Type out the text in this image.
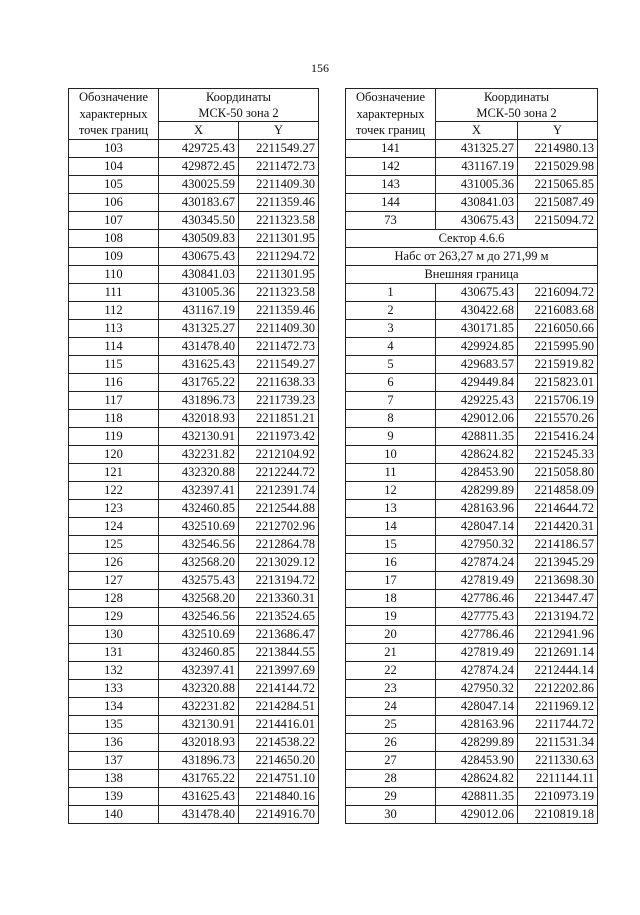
156
Обозначение
характерных
точек границ	Координаты	
	МСК-50 зона 2	
	X	Y
103	429725.43	2211549.27
104	429872.45	2211472.73
105	430025.59	2211409.30
106	430183.67	2211359.46
107	430345.50	2211323.58
108	430509.83	2211301.95
109	430675.43	2211294.72
110	430841.03	2211301.95
111	431005.36	2211323.58
112	431167.19	2211359.46
113	431325.27	2211409.30
114	431478.40	2211472.73
115	431625.43	2211549.27
116	431765.22	2211638.33
117	431896.73	2211739.23
118	432018.93	2211851.21
119	432130.91	2211973.42
120	432231.82	2212104.92
121	432320.88	2212244.72
122	432397.41	2212391.74
123	432460.85	2212544.88
124	432510.69	2212702.96
125	432546.56	2212864.78
126	432568.20	2213029.12
127	432575.43	2213194.72
128	432568.20	2213360.31
129	432546.56	2213524.65
130	432510.69	2213686.47
131	432460.85	2213844.55
132	432397.41	2213997.69
133	432320.88	2214144.72
134	432231.82	2214284.51
135	432130.91	2214416.01
136	432018.93	2214538.22
137	431896.73	2214650.20
138	431765.22	2214751.10
139	431625.43	2214840.16
140	431478.40	2214916.70
Обозначение
характерных
точек границ	Координаты	
	МСК-50 зона 2	
	X	Y
141	431325.27	2214980.13
142	431167.19	2215029.98
143	431005.36	2215065.85
144	430841.03	2215087.49
73	430675.43	2215094.72
Сектор 4.6.6		
Набс от 263,27 м до 271,99 м		
Внешняя граница		
1	430675.43	2216094.72
2	430422.68	2216083.68
3	430171.85	2216050.66
4	429924.85	2215995.90
5	429683.57	2215919.82
6	429449.84	2215823.01
7	429225.43	2215706.19
8	429012.06	2215570.26
9	428811.35	2215416.24
10	428624.82	2215245.33
11	428453.90	2215058.80
12	428299.89	2214858.09
13	428163.96	2214644.72
14	428047.14	2214420.31
15	427950.32	2214186.57
16	427874.24	2213945.29
17	427819.49	2213698.30
18	427786.46	2213447.47
19	427775.43	2213194.72
20	427786.46	2212941.96
21	427819.49	2212691.14
22	427874.24	2212444.14
23	427950.32	2212202.86
24	428047.14	2211969.12
25	428163.96	2211744.72
26	428299.89	2211531.34
27	428453.90	2211330.63
28	428624.82	2211144.11
29	428811.35	2210973.19
30	429012.06	2210819.18
